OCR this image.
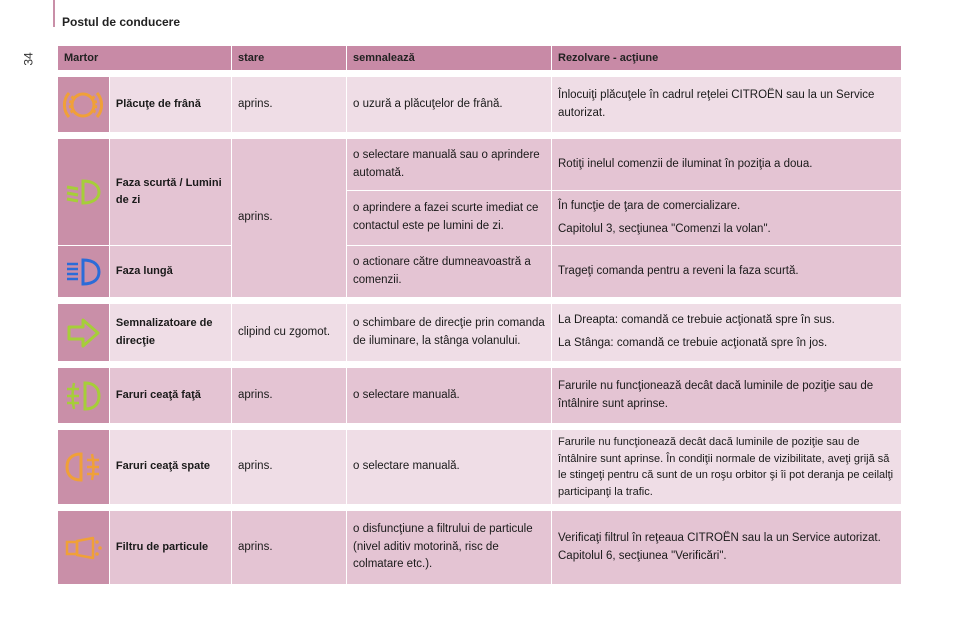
Postul de conducere
34	Martor		stare	semnalează	Rezolvare - acţiune

	Plăcuţe de frână	aprins.	o uzură a plăcuţelor de frână.	Înlocuiţi plăcuţele în cadrul reţelei CITROËN sau la un Service autorizat.

	Faza scurtă / Lumini de zi	aprins.	o selectare manuală sau o aprindere automată.	Rotiţi inelul comenzii de iluminat în poziţia a doua.

			o aprindere a fazei scurte imediat ce contactul este pe lumini de zi.	În funcţie de ţara de comercializare.

Capitolul 3, secţiunea "Comenzi la volan".

	Faza lungă		o actionare către dumneavoastră a comenzii.	Trageţi comanda pentru a reveni la faza scurtă.

	Semnalizatoare de direcţie	clipind cu zgomot.	o schimbare de direcţie prin comanda de iluminare, la stânga volanului.	La Dreapta: comandă ce trebuie acţionată spre în sus.

La Stânga: comandă ce trebuie acţionată spre în jos.

	Faruri ceaţă faţă	aprins.	o selectare manuală.	Farurile nu funcţionează decât dacă luminile de poziţie sau de întâlnire sunt aprinse.

	Faruri ceaţă spate	aprins.	o selectare manuală.	Farurile nu funcţionează decât dacă luminile de poziţie sau de întâlnire sunt aprinse. În condiţii normale de vizibilitate, aveţi grijă să le stingeţi pentru că sunt de un roşu orbitor şi îi pot deranja pe ceilalţi participanţi la trafic.

	Filtru de particule	aprins.	o disfuncţiune a filtrului de particule (nivel aditiv motorină, risc de colmatare etc.).	Verificaţi filtrul în reţeaua CITROËN sau la un Service autorizat. Capitolul 6, secţiunea "Verificări".
